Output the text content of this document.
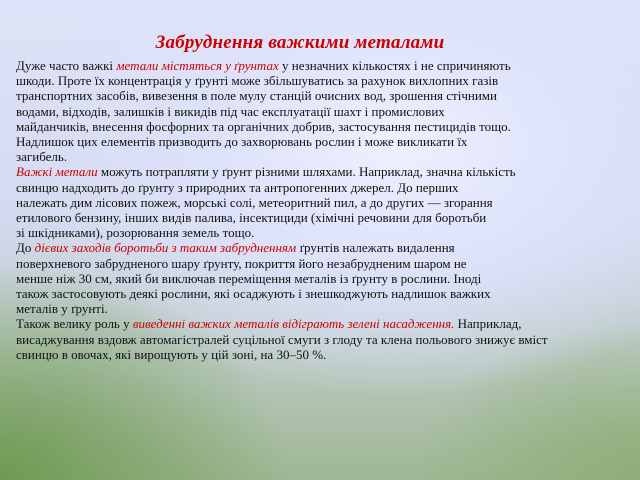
Забруднення важкими металами
Дуже часто важкі метали містяться у ґрунтах у незначних кількостях і не спричиняють
шкоди. Проте їх концентрація у ґрунті може збільшуватись за рахунок вихлопних газів
транспортних засобів, вивезення в поле мулу станцій очисних вод, зрошення стічними
водами, відходів, залишків і викидів під час експлуатації шахт і промислових
майданчиків, внесення фосфорних та органічних добрив, застосування пестицидів тощо.
Надлишок цих елементів призводить до захворювань рослин і може викликати їх
загибель.
Важкі метали можуть потрапляти у ґрунт різними шляхами. Наприклад, значна кількість
свинцю надходить до ґрунту з природних та антропогенних джерел. До перших
належать дим лісових пожеж, морські солі, метеоритний пил, а до других — згорання
етилового бензину, інших видів палива, інсектициди (хімічні речовини для боротьби
зі шкідниками), розорювання земель тощо.
До дієвих заходів боротьби з таким забрудненням ґрунтів належать видалення
поверхневого забрудненого шару ґрунту, покриття його незабрудненим шаром не
менше ніж 30 см, який би виключав переміщення металів із ґрунту в рослини. Іноді
також застосовують деякі рослини, які осаджують і знешкоджують надлишок важких
металів у ґрунті.
Також велику роль у виведенні важких металів відіграють зелені насадження. Наприклад,
висаджування вздовж автомагістралей суцільної смуги з глоду та клена польового знижує вміст
свинцю в овочах, які вирощують у цій зоні, на 30–50 %.
